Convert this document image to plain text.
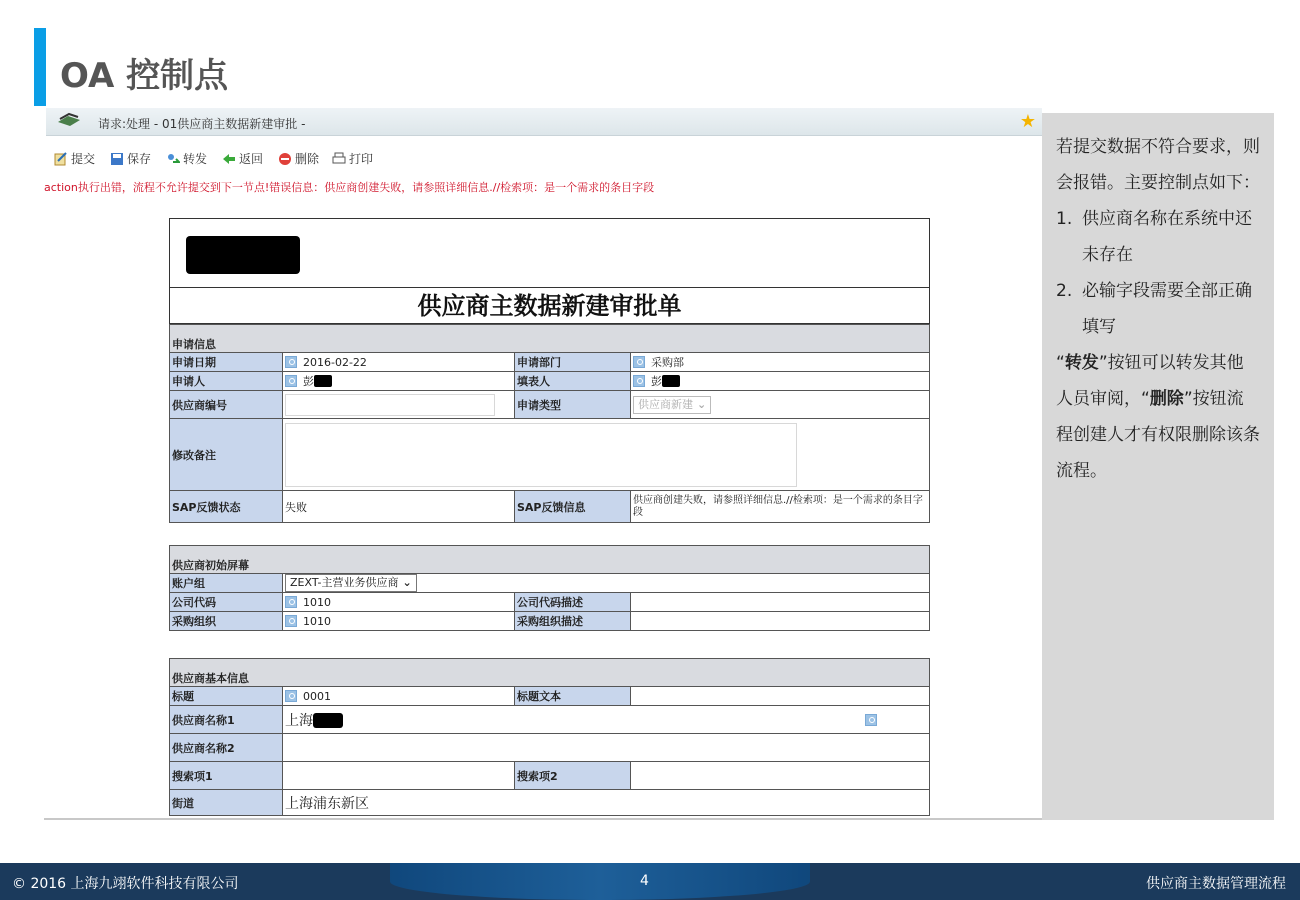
OA 控制点
请求:处理 - 01供应商主数据新建审批 -	★
提交	保存	转发	返回	删除 打印
action执行出错，流程不允许提交到下一节点!错误信息：供应商创建失败，请参照详细信息.//检索项：是一个需求的条目字段
供应商主数据新建审批单
申请信息			
申请日期	2016-02-22	申请部门	采购部
申请人	彭	填表人	彭
供应商编号		申请类型	供应商新建 ⌄
修改备注			

SAP反馈状态	失败	SAP反馈信息	供应商创建失败，请参照详细信息.//检索项：是一个需求的条目字段
供应商初始屏幕			
账户组	ZEXT-主营业务供应商 ⌄		
公司代码	1010	公司代码描述	
采购组织	1010	采购组织描述	
供应商基本信息			
标题	0001	标题文本	
供应商名称1	上海		

供应商名称2			
搜索项1		搜索项2	
街道	上海浦东新区		

若提交数据不符合要求，则会报错。主要控制点如下：

1. 供应商名称在系统中还未存在
2. 必输字段需要全部正确填写

“转发”按钮可以转发其他人员审阅，“删除”按钮流程创建人才有权限删除该条流程。

© 2016 上海九翊软件科技有限公司	4	供应商主数据管理流程
